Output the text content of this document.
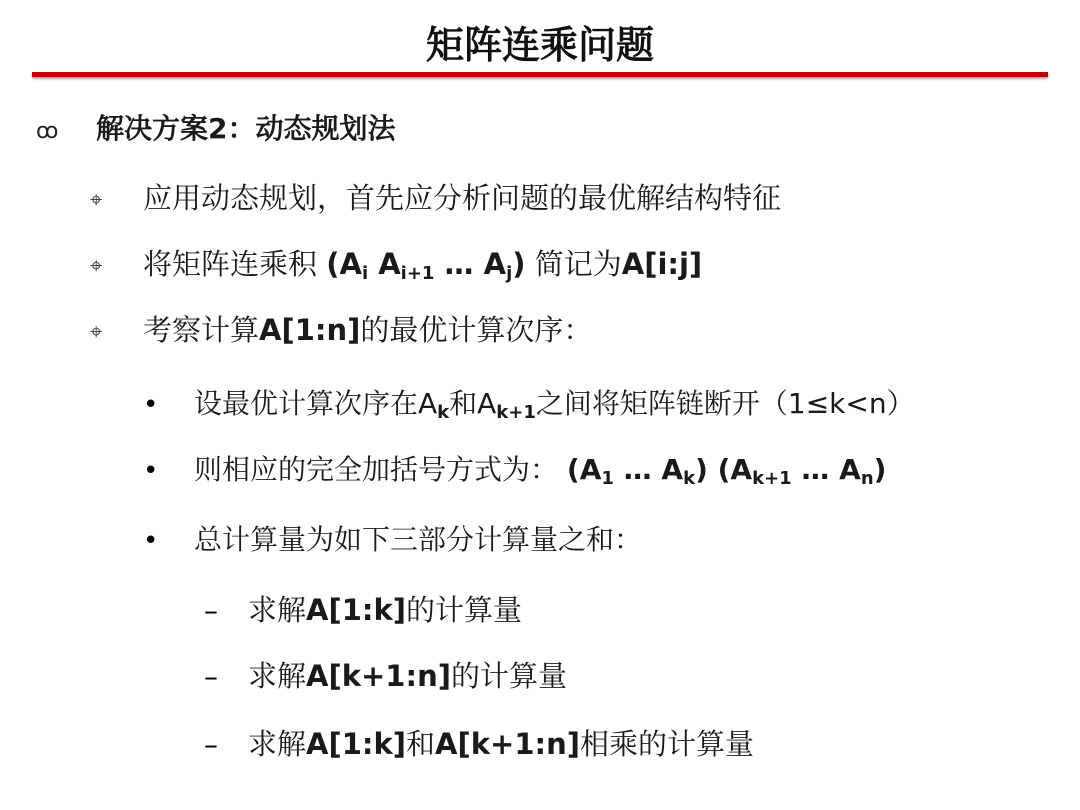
矩阵连乘问题
ꝏ 解决方案2：动态规划法
⌖ 应用动态规划，首先应分析问题的最优解结构特征
⌖ 将矩阵连乘积 ($A_i$ $A_{i+1}$ … $A_j$) 简记为A[i:j]
⌖ 考察计算A[1:n]的最优计算次序：
• 设最优计算次序在$A_k$和$A_{k+1}$之间将矩阵链断开（1≤k<n）
• 则相应的完全加括号方式为： ($A_1$ … $A_k$) ($A_{k+1}$ … $A_n$)
• 总计算量为如下三部分计算量之和：
– 求解A[1:k]的计算量
– 求解A[k+1:n]的计算量
– 求解A[1:k]和A[k+1:n]相乘的计算量
